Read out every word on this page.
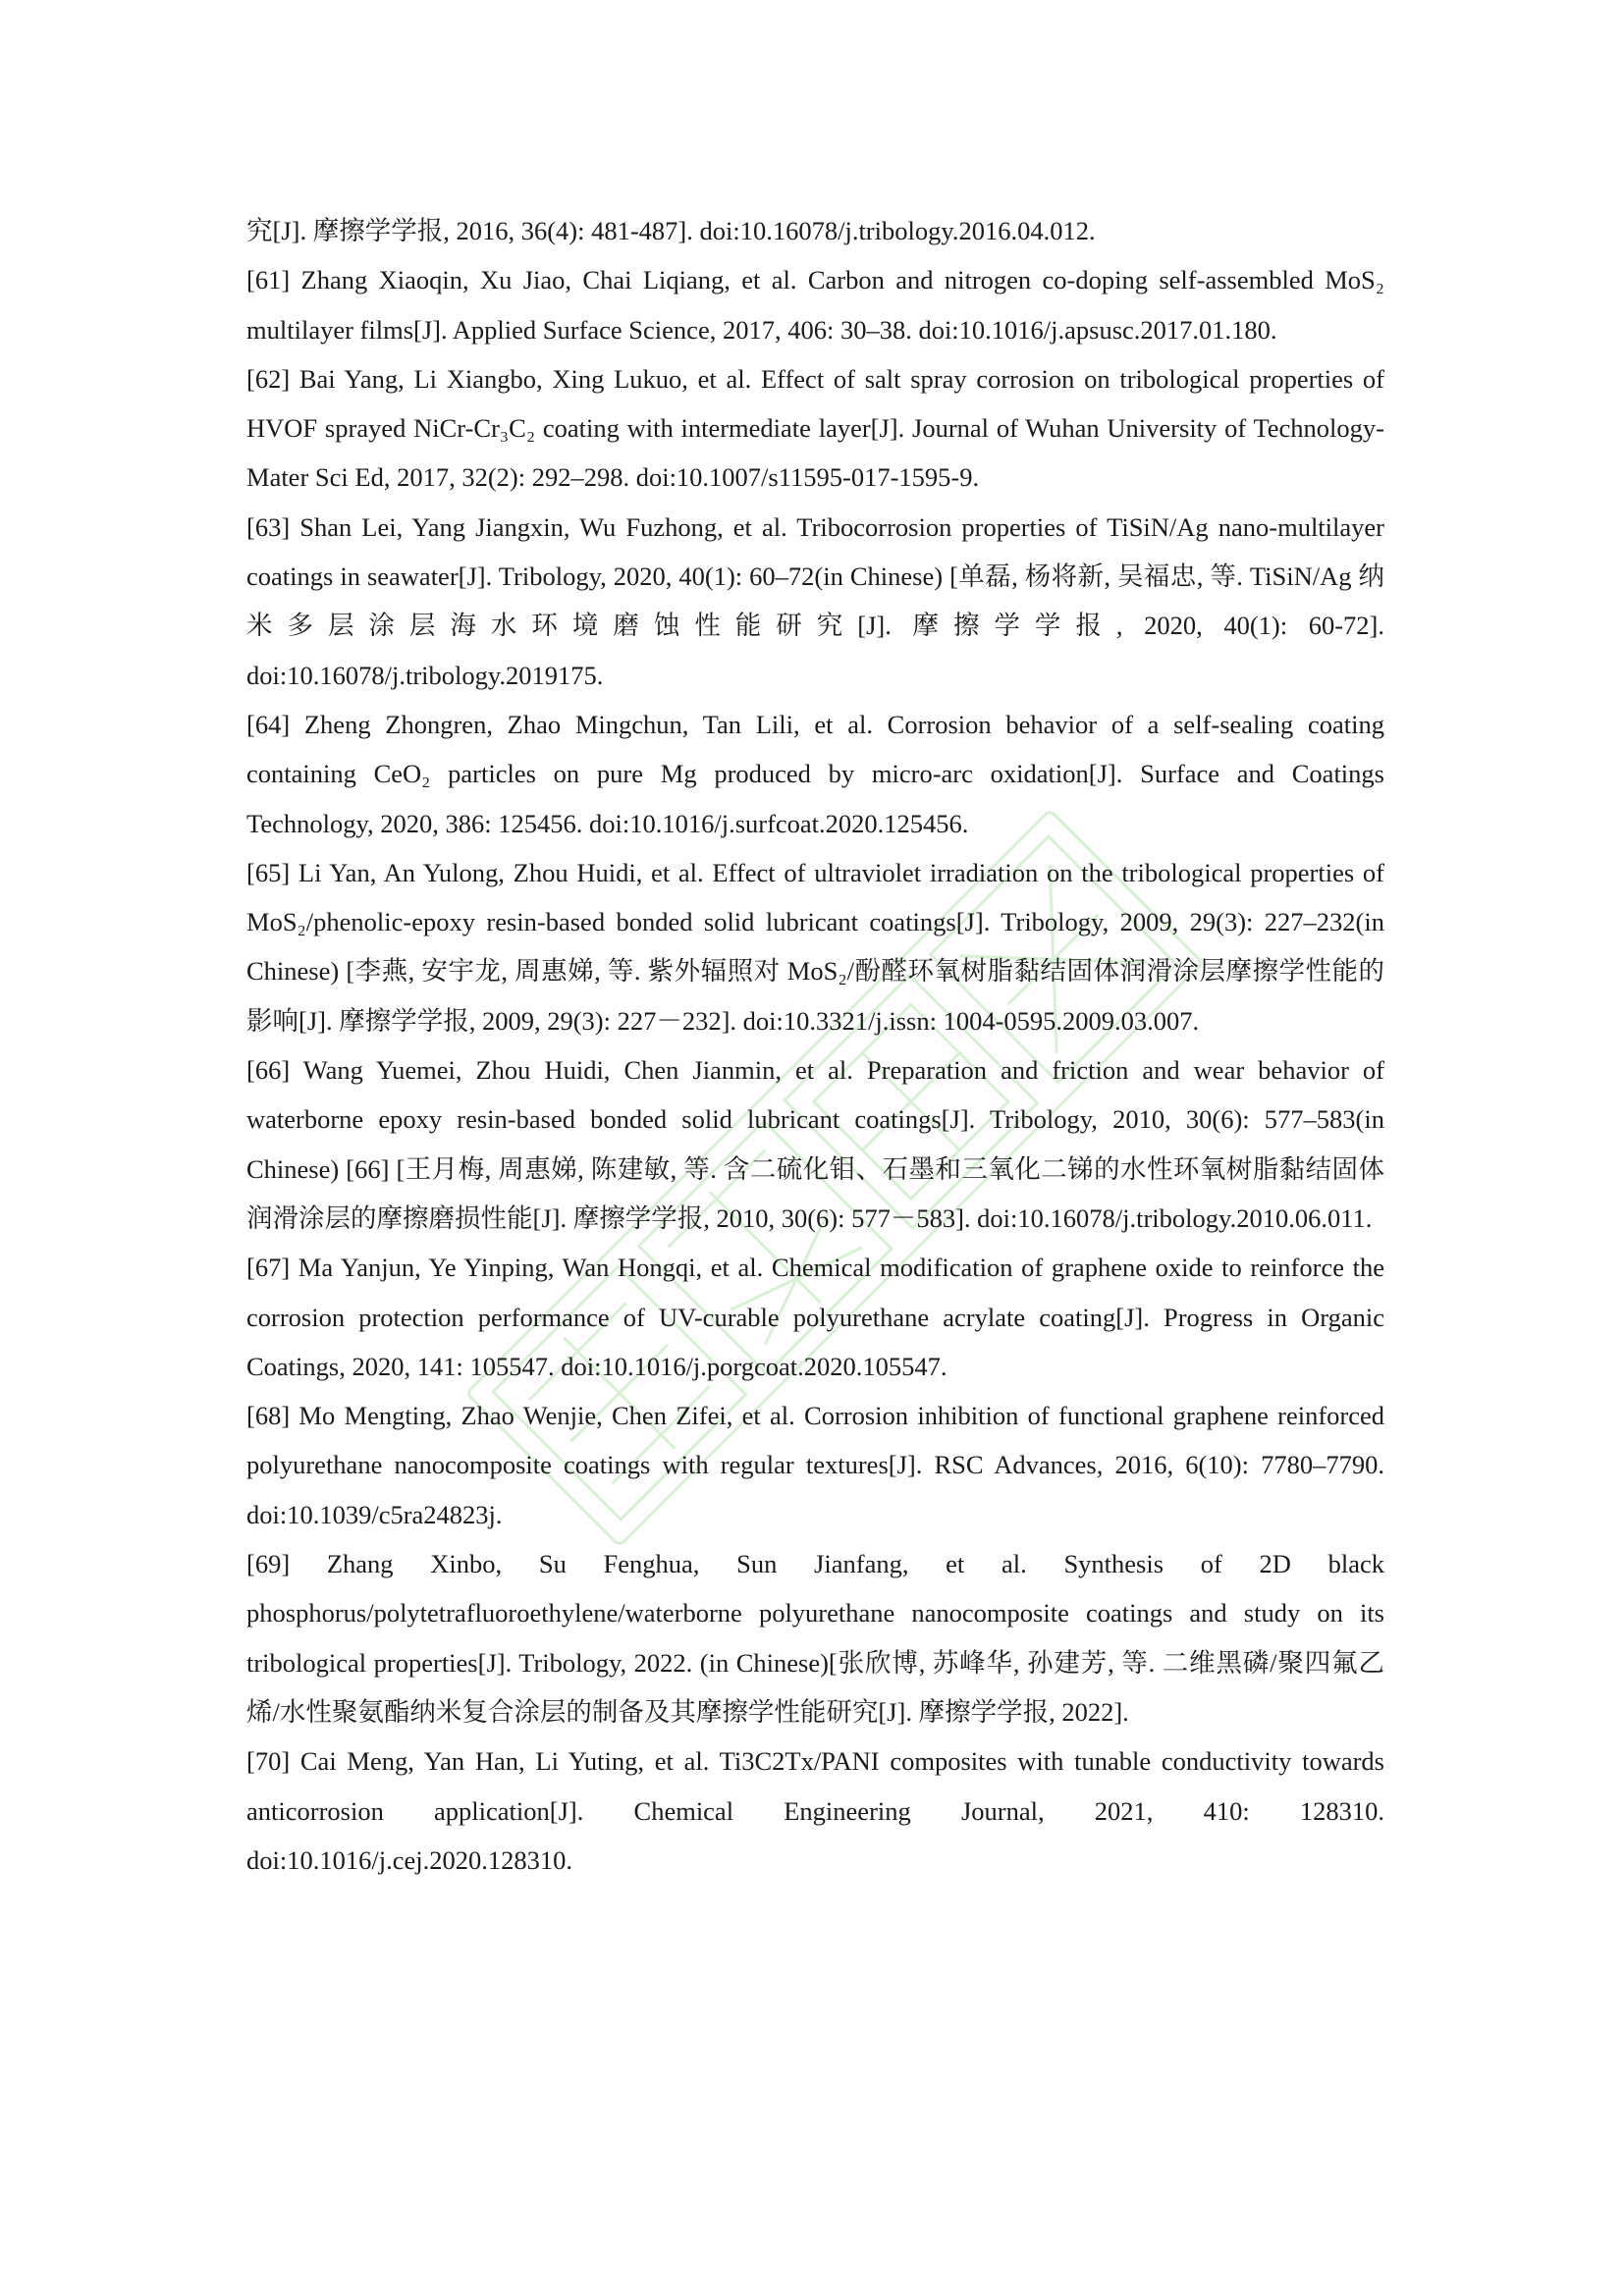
究[J]. 摩擦学学报, 2016, 36(4): 481-487]. doi:10.16078/j.tribology.2016.04.012.

[61] Zhang Xiaoqin, Xu Jiao, Chai Liqiang, et al. Carbon and nitrogen co-doping self-assembled MoS₂ multilayer films[J]. Applied Surface Science, 2017, 406: 30–38. doi:10.1016/j.apsusc.2017.01.180.

[62] Bai Yang, Li Xiangbo, Xing Lukuo, et al. Effect of salt spray corrosion on tribological properties of HVOF sprayed NiCr-Cr₃C₂ coating with intermediate layer[J]. Journal of Wuhan University of Technology-Mater Sci Ed, 2017, 32(2): 292–298. doi:10.1007/s11595-017-1595-9.

[63] Shan Lei, Yang Jiangxin, Wu Fuzhong, et al. Tribocorrosion properties of TiSiN/Ag nano-multilayer coatings in seawater[J]. Tribology, 2020, 40(1): 60–72(in Chinese) [单磊, 杨将新, 吴福忠, 等. TiSiN/Ag 纳米多层涂层海水环境磨蚀性能研究[J]. 摩擦学学报, 2020, 40(1): 60-72]. doi:10.16078/j.tribology.2019175.

[64] Zheng Zhongren, Zhao Mingchun, Tan Lili, et al. Corrosion behavior of a self-sealing coating containing CeO₂ particles on pure Mg produced by micro-arc oxidation[J]. Surface and Coatings Technology, 2020, 386: 125456. doi:10.1016/j.surfcoat.2020.125456.

[65] Li Yan, An Yulong, Zhou Huidi, et al. Effect of ultraviolet irradiation on the tribological properties of MoS₂/phenolic-epoxy resin-based bonded solid lubricant coatings[J]. Tribology, 2009, 29(3): 227–232(in Chinese) [李燕, 安宇龙, 周惠娣, 等. 紫外辐照对 MoS₂/酚醛环氧树脂黏结固体润滑涂层摩擦学性能的影响[J]. 摩擦学学报, 2009, 29(3): 227－232]. doi:10.3321/j.issn: 1004-0595.2009.03.007.

[66] Wang Yuemei, Zhou Huidi, Chen Jianmin, et al. Preparation and friction and wear behavior of waterborne epoxy resin-based bonded solid lubricant coatings[J]. Tribology, 2010, 30(6): 577–583(in Chinese) [66] [王月梅, 周惠娣, 陈建敏, 等. 含二硫化钼、石墨和三氧化二锑的水性环氧树脂黏结固体润滑涂层的摩擦磨损性能[J]. 摩擦学学报, 2010, 30(6): 577－583]. doi:10.16078/j.tribology.2010.06.011.

[67] Ma Yanjun, Ye Yinping, Wan Hongqi, et al. Chemical modification of graphene oxide to reinforce the corrosion protection performance of UV-curable polyurethane acrylate coating[J]. Progress in Organic Coatings, 2020, 141: 105547. doi:10.1016/j.porgcoat.2020.105547.

[68] Mo Mengting, Zhao Wenjie, Chen Zifei, et al. Corrosion inhibition of functional graphene reinforced polyurethane nanocomposite coatings with regular textures[J]. RSC Advances, 2016, 6(10): 7780–7790. doi:10.1039/c5ra24823j.

[69] Zhang Xinbo, Su Fenghua, Sun Jianfang, et al. Synthesis of 2D black phosphorus/polytetrafluoroethylene/waterborne polyurethane nanocomposite coatings and study on its tribological properties[J]. Tribology, 2022. (in Chinese)[张欣博, 苏峰华, 孙建芳, 等. 二维黑磷/聚四氟乙烯/水性聚氨酯纳米复合涂层的制备及其摩擦学性能研究[J]. 摩擦学学报, 2022].

[70] Cai Meng, Yan Han, Li Yuting, et al. Ti3C2Tx/PANI composites with tunable conductivity towards anticorrosion application[J]. Chemical Engineering Journal, 2021, 410: 128310. doi:10.1016/j.cej.2020.128310.
